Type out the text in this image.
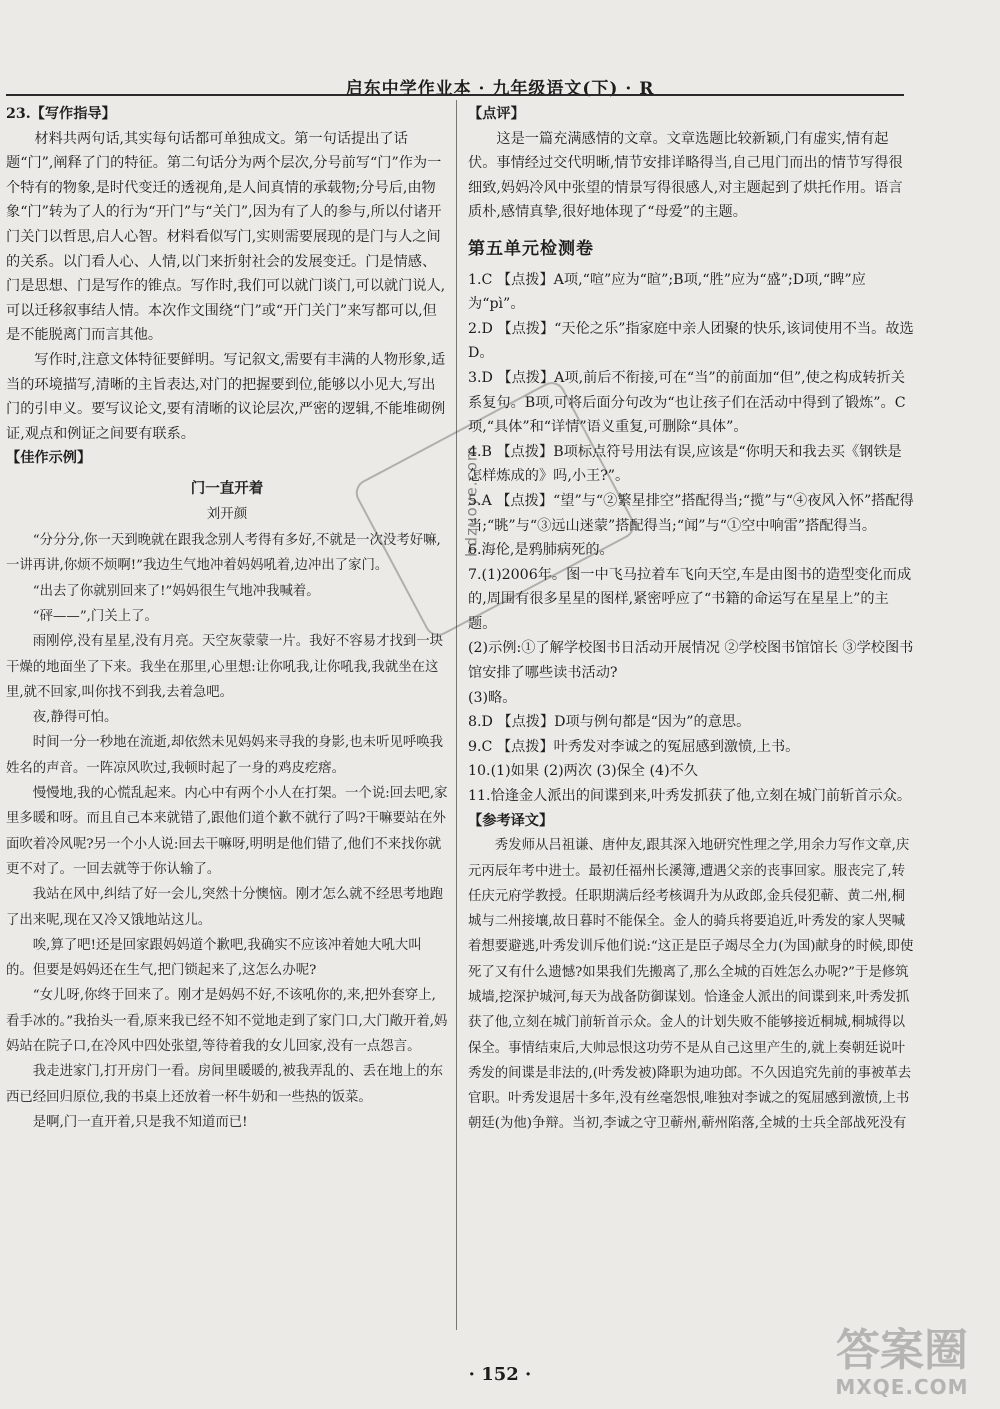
启东中学作业本 · 九年级语文(下) · R

23.【写作指导】

材料共两句话,其实每句话都可单独成文。第一句话提出了话题“门”,阐释了门的特征。第二句话分为两个层次,分号前写“门”作为一个特有的物象,是时代变迁的透视角,是人间真情的承载物;分号后,由物象“门”转为了人的行为“开门”与“关门”,因为有了人的参与,所以付诸开门关门以哲思,启人心智。材料看似写门,实则需要展现的是门与人之间的关系。以门看人心、人情,以门来折射社会的发展变迁。门是情感、门是思想、门是写作的锥点。写作时,我们可以就门谈门,可以就门说人,可以迁移叙事结人情。本次作文围绕“门”或“开门关门”来写都可以,但是不能脱离门而言其他。

写作时,注意文体特征要鲜明。写记叙文,需要有丰满的人物形象,适当的环境描写,清晰的主旨表达,对门的把握要到位,能够以小见大,写出门的引申义。要写议论文,要有清晰的议论层次,严密的逻辑,不能堆砌例证,观点和例证之间要有联系。

【佳作示例】

门一直开着

刘开颜

“分分分,你一天到晚就在跟我念别人考得有多好,不就是一次没考好嘛,一讲再讲,你烦不烦啊!”我边生气地冲着妈妈吼着,边冲出了家门。

“出去了你就别回来了!”妈妈很生气地冲我喊着。

“砰——”,门关上了。

雨刚停,没有星星,没有月亮。天空灰蒙蒙一片。我好不容易才找到一块干燥的地面坐了下来。我坐在那里,心里想:让你吼我,让你吼我,我就坐在这里,就不回家,叫你找不到我,去着急吧。

夜,静得可怕。

时间一分一秒地在流逝,却依然未见妈妈来寻我的身影,也未听见呼唤我姓名的声音。一阵凉风吹过,我顿时起了一身的鸡皮疙瘩。

慢慢地,我的心慌乱起来。内心中有两个小人在打架。一个说:回去吧,家里多暖和呀。而且自己本来就错了,跟他们道个歉不就行了吗?干嘛要站在外面吹着冷风呢?另一个小人说:回去干嘛呀,明明是他们错了,他们不来找你就更不对了。一回去就等于你认输了。

我站在风中,纠结了好一会儿,突然十分懊恼。刚才怎么就不经思考地跑了出来呢,现在又冷又饿地站这儿。

唉,算了吧!还是回家跟妈妈道个歉吧,我确实不应该冲着她大吼大叫的。但要是妈妈还在生气,把门锁起来了,这怎么办呢?

“女儿呀,你终于回来了。刚才是妈妈不好,不该吼你的,来,把外套穿上,看手冰的。”我抬头一看,原来我已经不知不觉地走到了家门口,大门敞开着,妈妈站在院子口,在冷风中四处张望,等待着我的女儿回家,没有一点怨言。

我走进家门,打开房门一看。房间里暖暖的,被我弄乱的、丢在地上的东西已经回归原位,我的书桌上还放着一杯牛奶和一些热的饭菜。

是啊,门一直开着,只是我不知道而已!

【点评】

这是一篇充满感情的文章。文章选题比较新颖,门有虚实,情有起伏。事情经过交代明晰,情节安排详略得当,自己甩门而出的情节写得很细致,妈妈冷风中张望的情景写得很感人,对主题起到了烘托作用。语言质朴,感情真挚,很好地体现了“母爱”的主题。

第五单元检测卷

1.C 【点拨】A项,“喧”应为“暄”;B项,“胜”应为“盛”;D项,“睥”应为“pì”。

2.D 【点拨】“天伦之乐”指家庭中亲人团聚的快乐,该词使用不当。故选D。

3.D 【点拨】A项,前后不衔接,可在“当”的前面加“但”,使之构成转折关系复句。B项,可将后面分句改为“也让孩子们在活动中得到了锻炼”。C项,“具体”和“详情”语义重复,可删除“具体”。

4.B 【点拨】B项标点符号用法有误,应该是“你明天和我去买《钢铁是怎样炼成的》吗,小王?”。

5.A 【点拨】“望”与“②繁星排空”搭配得当;“揽”与“④夜风入怀”搭配得当;“眺”与“③远山迷蒙”搭配得当;“闻”与“①空中响雷”搭配得当。

6.海伦,是鸦肺病死的。

7.(1)2006年。图一中飞马拉着车飞向天空,车是由图书的造型变化而成的,周围有很多星星的图样,紧密呼应了“书籍的命运写在星星上”的主题。

(2)示例:①了解学校图书日活动开展情况 ②学校图书馆馆长 ③学校图书馆安排了哪些读书活动?

(3)略。

8.D 【点拨】D项与例句都是“因为”的意思。

9.C 【点拨】叶秀发对李诚之的冤屈感到激愤,上书。

10.(1)如果 (2)两次 (3)保全 (4)不久

11.恰逢金人派出的间谍到来,叶秀发抓获了他,立刻在城门前斩首示众。

【参考译文】

秀发师从吕祖谦、唐仲友,跟其深入地研究性理之学,用余力写作文章,庆元丙辰年考中进士。最初任福州长溪簿,遭遇父亲的丧事回家。服丧完了,转任庆元府学教授。任职期满后经考核调升为从政郎,金兵侵犯蕲、黄二州,桐城与二州接壤,故日暮时不能保全。金人的骑兵将要追近,叶秀发的家人哭喊着想要避逃,叶秀发训斥他们说:“这正是臣子竭尽全力(为国)献身的时候,即使死了又有什么遗憾?如果我们先搬离了,那么全城的百姓怎么办呢?”于是修筑城墙,挖深护城河,每天为战备防御谋划。恰逢金人派出的间谍到来,叶秀发抓获了他,立刻在城门前斩首示众。金人的计划失败不能够接近桐城,桐城得以保全。事情结束后,大帅忌恨这功劳不是从自己这里产生的,就上奏朝廷说叶秀发的间谍是非法的,(叶秀发被)降职为迪功郎。不久因追究先前的事被革去官职。叶秀发退居十多年,没有丝毫怨恨,唯独对李诚之的冤屈感到激愤,上书朝廷(为他)争辩。当初,李诚之守卫蕲州,蕲州陷落,全城的士兵全部战死没有

hdzuoye.com
· 152 ·	答案圈
MXQE.COM
